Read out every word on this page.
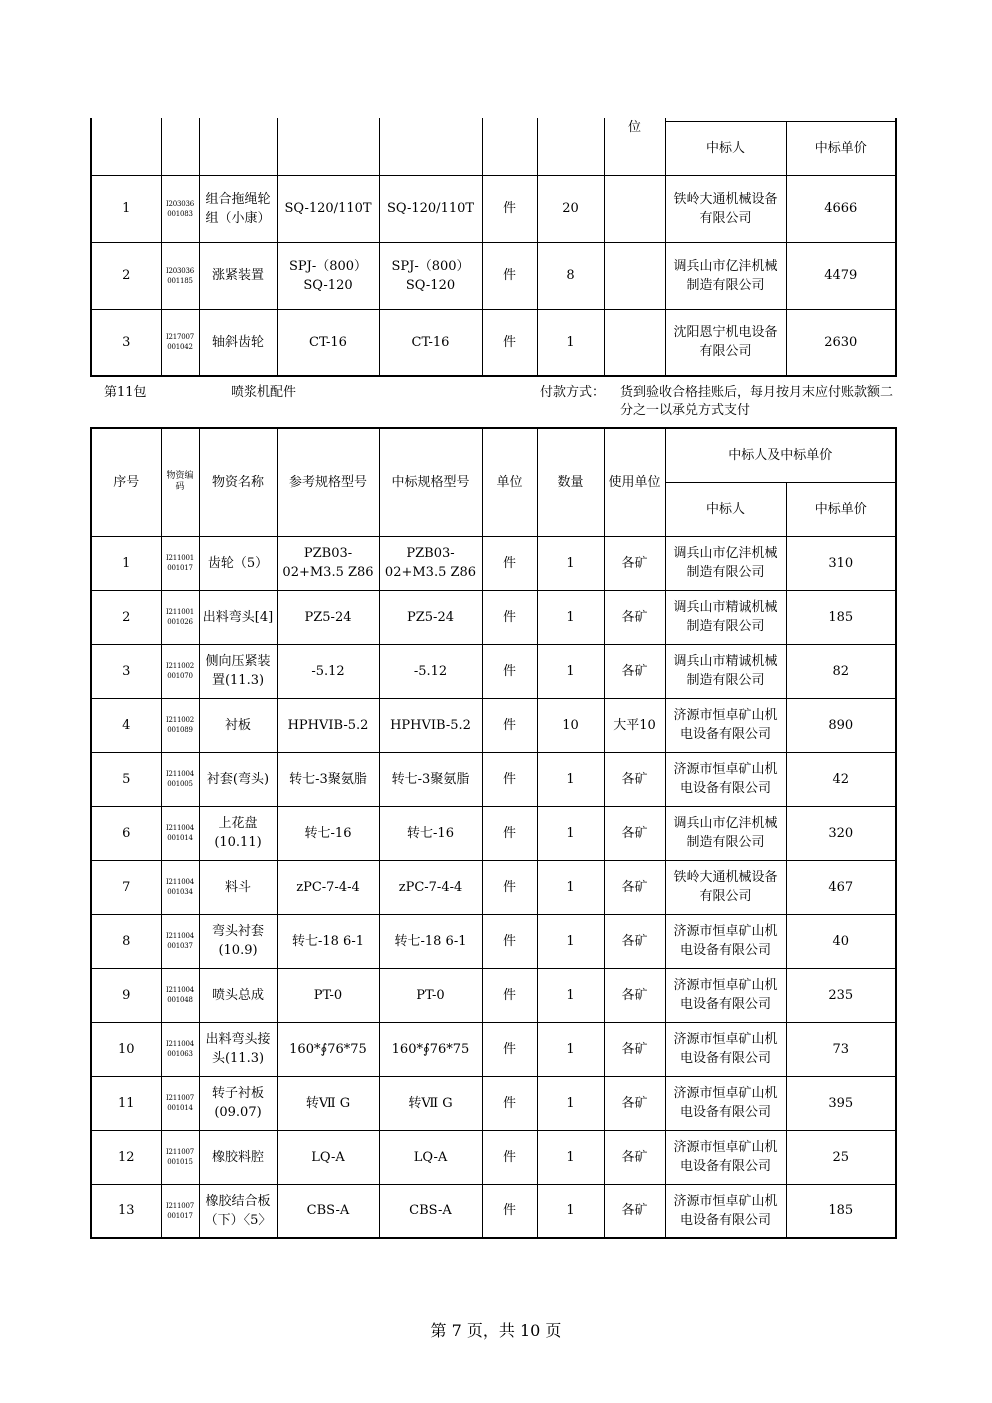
							位		
								中标人	中标单价
1	I203036 001083	组合拖绳轮组（小康）	SQ-120/110T	SQ-120/110T	件	20		铁岭大通机械设备有限公司	4666
2	I203036 001185	涨紧装置	SPJ-（800） SQ-120	SPJ-（800） SQ-120	件	8		调兵山市亿沣机械制造有限公司	4479
3	I217007 001042	轴斜齿轮	CT-16	CT-16	件	1		沈阳恩宁机电设备有限公司	2630
第11包	喷浆机配件	付款方式： 货到验收合格挂账后，每月按月末应付账款额二分之一以承兑方式支付
序号	物资编码	物资名称	参考规格型号	中标规格型号	单位	数量	使用单位	中标人及中标单价	
								中标人	中标单价
1	I211001 001017	齿轮（5）	PZB03-02+M3.5 Z86	PZB03-02+M3.5 Z86	件	1	各矿	调兵山市亿沣机械制造有限公司	310
2	I211001 001026	出料弯头[4]	PZ5-24	PZ5-24	件	1	各矿	调兵山市精诚机械制造有限公司	185
3	I211002 001070	侧向压紧装置(11.3)	-5.12	-5.12	件	1	各矿	调兵山市精诚机械制造有限公司	82
4	I211002 001089	衬板	HPHVIB-5.2	HPHVIB-5.2	件	10	大平10	济源市恒卓矿山机电设备有限公司	890
5	I211004 001005	衬套(弯头)	转七-3聚氨脂	转七-3聚氨脂	件	1	各矿	济源市恒卓矿山机电设备有限公司	42
6	I211004 001014	上花盘(10.11)	转七-16	转七-16	件	1	各矿	调兵山市亿沣机械制造有限公司	320
7	I211004 001034	料斗	zPC-7-4-4	zPC-7-4-4	件	1	各矿	铁岭大通机械设备有限公司	467
8	I211004 001037	弯头衬套(10.9)	转七-18 6-1	转七-18 6-1	件	1	各矿	济源市恒卓矿山机电设备有限公司	40
9	I211004 001048	喷头总成	PT-0	PT-0	件	1	各矿	济源市恒卓矿山机电设备有限公司	235
10	I211004 001063	出料弯头接头(11.3)	160*∮76*75	160*∮76*75	件	1	各矿	济源市恒卓矿山机电设备有限公司	73
11	I211007 001014	转子衬板(09.07)	转Ⅶ G	转Ⅶ G	件	1	各矿	济源市恒卓矿山机电设备有限公司	395
12	I211007 001015	橡胶料腔	LQ-A	LQ-A	件	1	各矿	济源市恒卓矿山机电设备有限公司	25
13	I211007 001017	橡胶结合板（下）〈5〉	CBS-A	CBS-A	件	1	各矿	济源市恒卓矿山机电设备有限公司	185
第 7 页，共 10 页
